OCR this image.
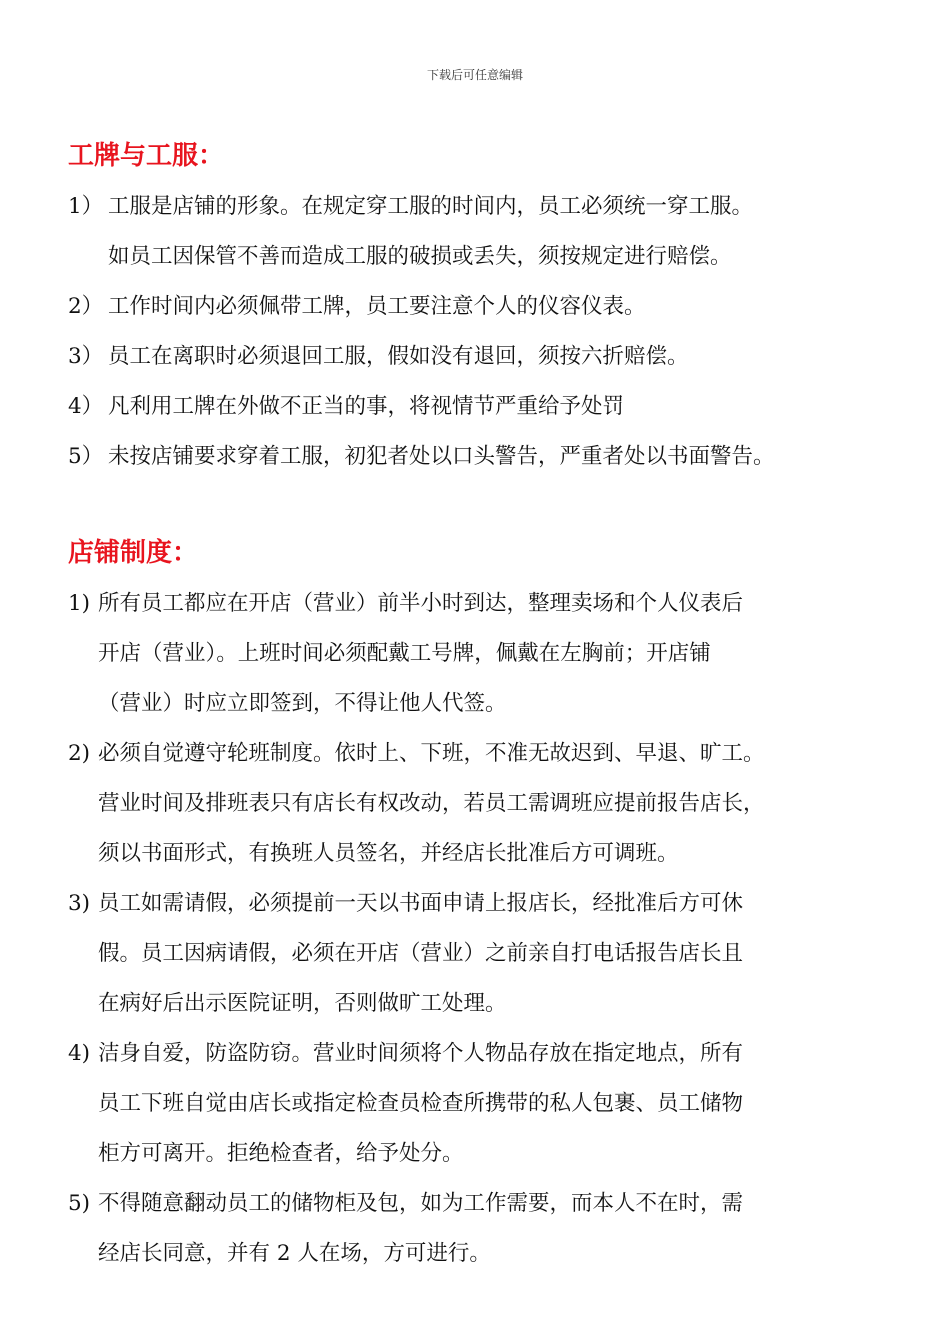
下载后可任意编辑
工牌与工服：
1） 工服是店铺的形象。在规定穿工服的时间内，员工必须统一穿工服。
如员工因保管不善而造成工服的破损或丢失，须按规定进行赔偿。
2） 工作时间内必须佩带工牌，员工要注意个人的仪容仪表。
3） 员工在离职时必须退回工服，假如没有退回，须按六折赔偿。
4） 凡利用工牌在外做不正当的事，将视情节严重给予处罚
5） 未按店铺要求穿着工服，初犯者处以口头警告，严重者处以书面警告。
店铺制度：
1) 所有员工都应在开店（营业）前半小时到达，整理卖场和个人仪表后
开店（营业）。上班时间必须配戴工号牌，佩戴在左胸前；开店铺
（营业）时应立即签到，不得让他人代签。
2) 必须自觉遵守轮班制度。依时上、下班，不准无故迟到、早退、旷工。
营业时间及排班表只有店长有权改动，若员工需调班应提前报告店长，
须以书面形式，有换班人员签名，并经店长批准后方可调班。
3) 员工如需请假，必须提前一天以书面申请上报店长，经批准后方可休
假。员工因病请假，必须在开店（营业）之前亲自打电话报告店长且
在病好后出示医院证明，否则做旷工处理。
4) 洁身自爱，防盗防窃。营业时间须将个人物品存放在指定地点，所有
员工下班自觉由店长或指定检查员检查所携带的私人包裹、员工储物
柜方可离开。拒绝检查者，给予处分。
5) 不得随意翻动员工的储物柜及包，如为工作需要，而本人不在时，需
经店长同意，并有 2 人在场，方可进行。
